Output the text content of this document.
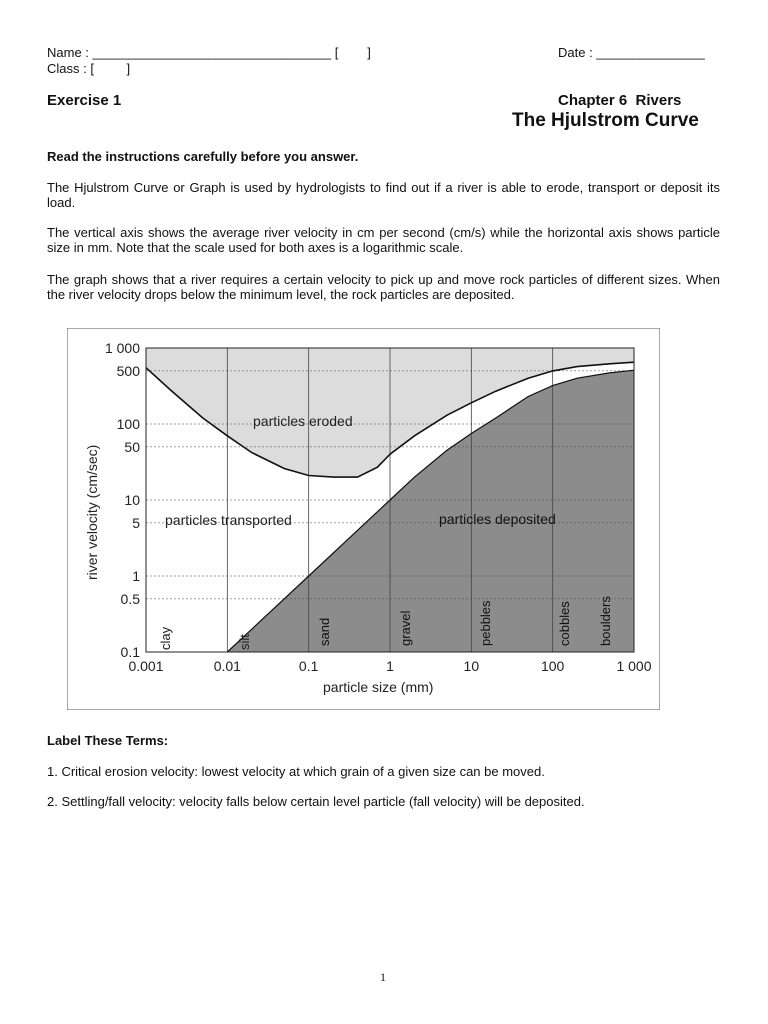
Name : _________________________________ [        ]
Class : [         ]
Date : _______________
Exercise 1	Chapter 6  Rivers
The Hjulstrom Curve
Read the instructions carefully before you answer.
The Hjulstrom Curve or Graph is used by hydrologists to find out if a river is able to erode, transport or deposit its load.
The vertical axis shows the average river velocity in cm per second (cm/s) while the horizontal axis shows particle size in mm. Note that the scale used for both axes is a logarithmic scale.
The graph shows that a river requires a certain velocity to pick up and move rock particles of different sizes. When the river velocity drops below the minimum level, the rock particles are deposited.
0.1
0.5
1
5
10
50
100
500
1 000
0.001	0.01	0.1	1	10	100	1 000
particles eroded
particles transported	particles deposited
particle size (mm)
river velocity (cm/sec)
clay	silt	sand	gravel	pebbles	cobbles boulders
Label These Terms:
1. Critical erosion velocity: lowest velocity at which grain of a given size can be moved.
2. Settling/fall velocity: velocity falls below certain level particle (fall velocity) will be deposited.
1
